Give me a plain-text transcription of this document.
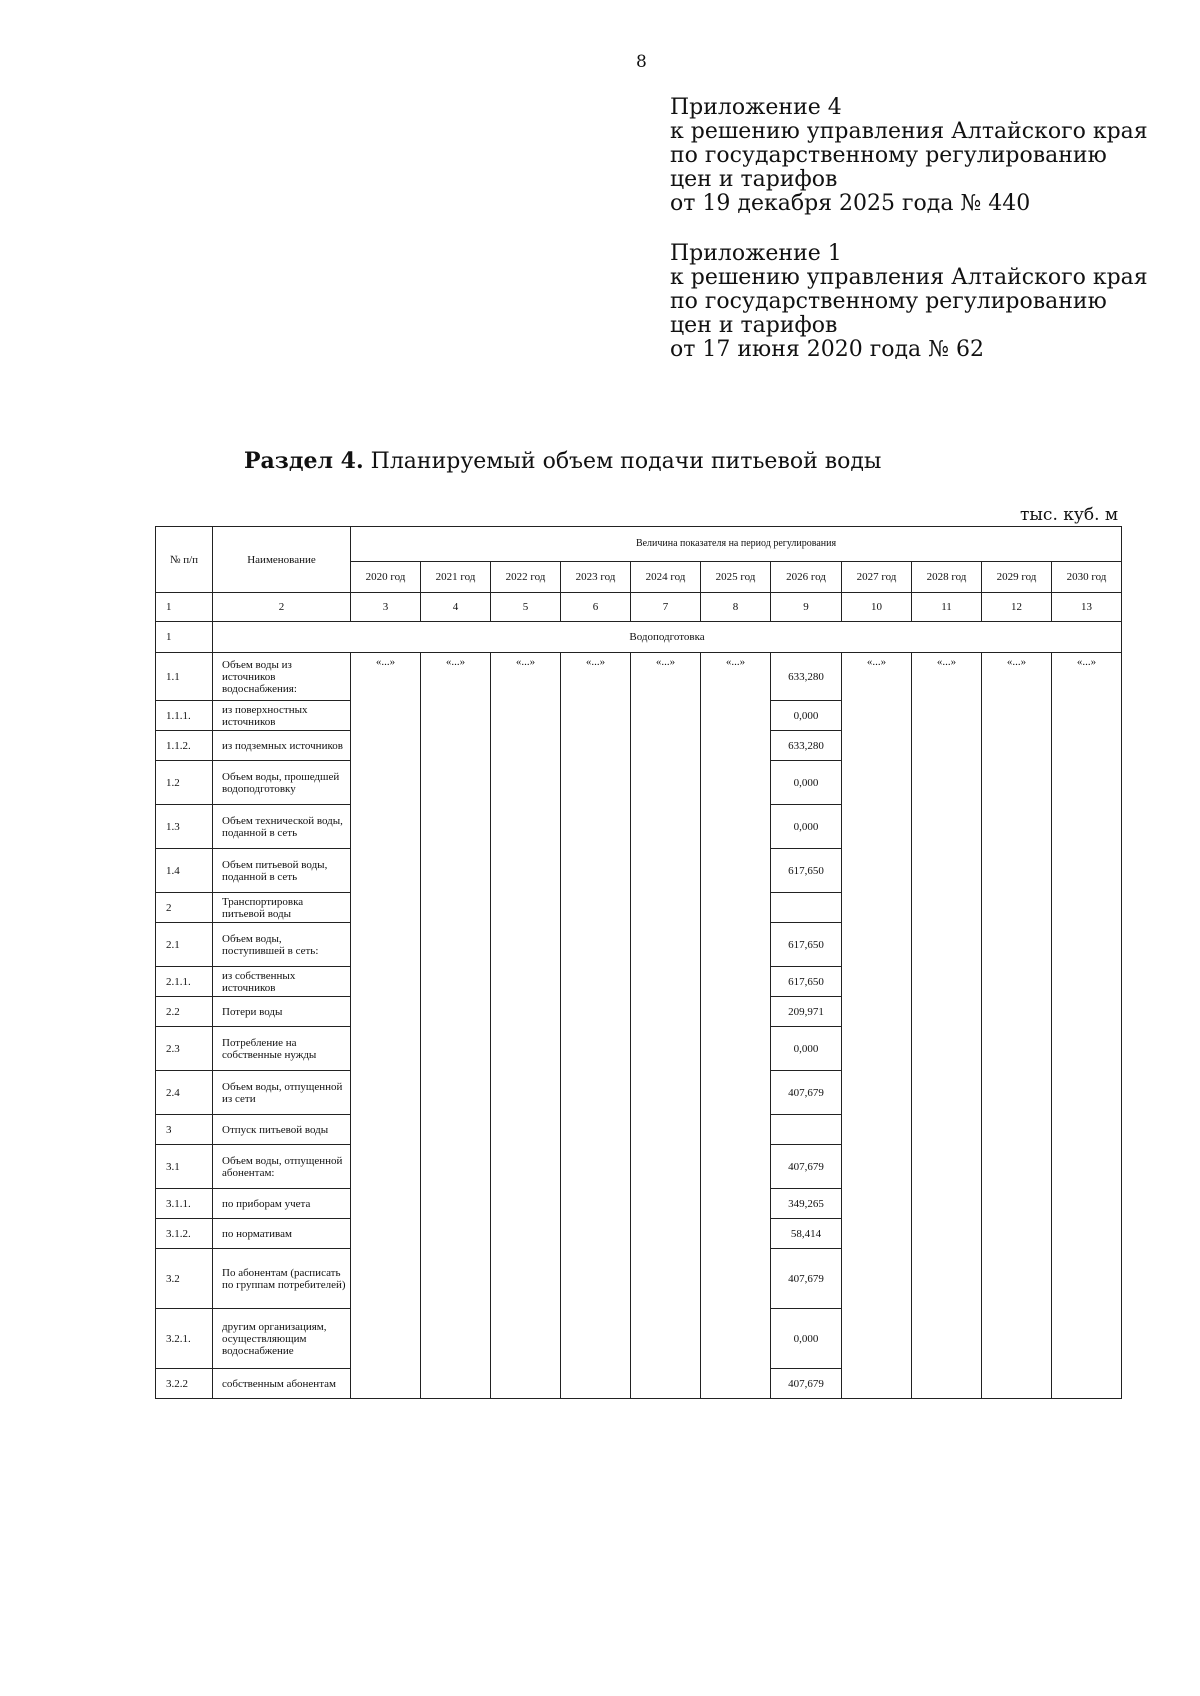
8
Приложение 4
к решению управления Алтайского края
по государственному регулированию
цен и тарифов
от 19 декабря 2025 года № 440
Приложение 1
к решению управления Алтайского края
по государственному регулированию
цен и тарифов
от 17 июня 2020 года № 62
Раздел 4. Планируемый объем подачи питьевой воды
тыс. куб. м
№ п/п	Наименование	Величина показателя на период регулирования										
		2020 год	2021 год	2022 год	2023 год	2024 год	2025 год	2026 год	2027 год	2028 год	2029 год	2030 год
1	2	3	4	5	6	7	8	9	10	11	12	13
1	Водоподготовка											
1.1	Объем воды из источников водоснабжения:	«...»	«...»	«...»	«...»	«...»	«...»	633,280	«...»	«...»	«...»	«...»
1.1.1.	из поверхностных источников							0,000				
1.1.2.	из подземных источников							633,280				
1.2	Объем воды, прошедшей водоподготовку							0,000				
1.3	Объем технической воды, поданной в сеть							0,000				
1.4	Объем питьевой воды, поданной в сеть							617,650				
2	Транспортировка питьевой воды											
2.1	Объем воды, поступившей в сеть:							617,650				
2.1.1.	из собственных источников							617,650				
2.2	Потери воды							209,971				
2.3	Потребление на собственные нужды							0,000				
2.4	Объем воды, отпущенной из сети							407,679				
3	Отпуск питьевой воды											
3.1	Объем воды, отпущенной абонентам:							407,679				
3.1.1.	по приборам учета							349,265				
3.1.2.	по нормативам							58,414				
3.2	По абонентам (расписать по группам потребителей)							407,679				
3.2.1.	другим организациям, осуществляющим водоснабжение							0,000				
3.2.2	собственным абонентам							407,679				
